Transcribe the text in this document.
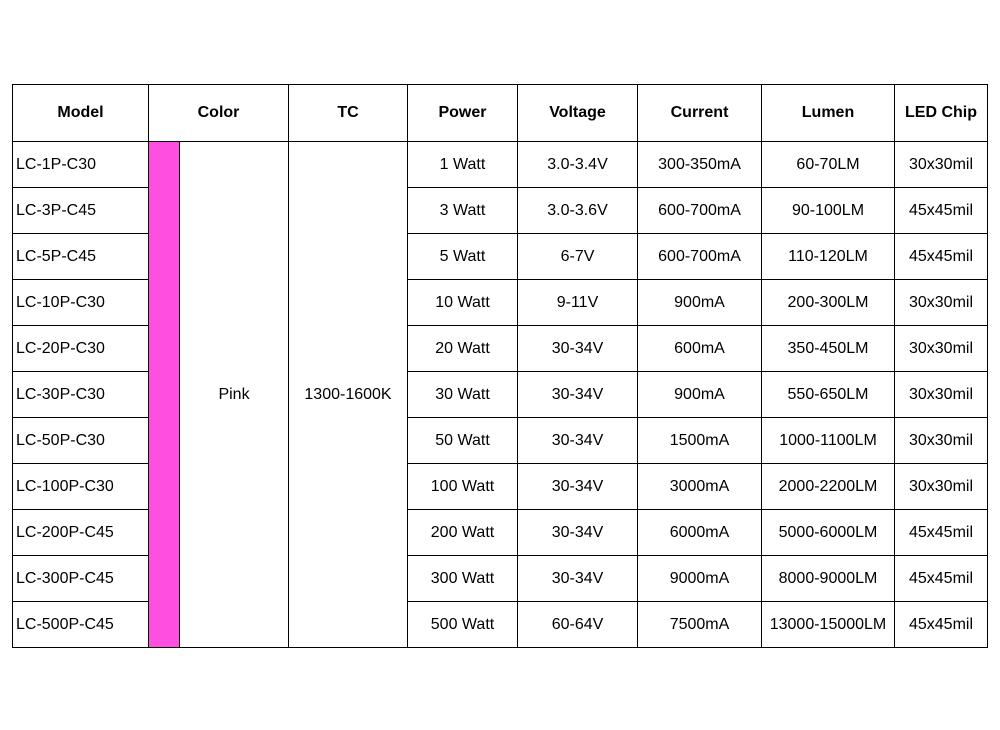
Model	Color		TC	Power	Voltage	Current	Lumen	LED Chip
LC-1P-C30		Pink	1300-1600K	1 Watt	3.0-3.4V	300-350mA	60-70LM	30x30mil
LC-3P-C45				3 Watt	3.0-3.6V	600-700mA	90-100LM	45x45mil
LC-5P-C45				5 Watt	6-7V	600-700mA	110-120LM	45x45mil
LC-10P-C30				10 Watt	9-11V	900mA	200-300LM	30x30mil
LC-20P-C30				20 Watt	30-34V	600mA	350-450LM	30x30mil
LC-30P-C30				30 Watt	30-34V	900mA	550-650LM	30x30mil
LC-50P-C30				50 Watt	30-34V	1500mA	1000-1100LM	30x30mil
LC-100P-C30				100 Watt	30-34V	3000mA	2000-2200LM	30x30mil
LC-200P-C45				200 Watt	30-34V	6000mA	5000-6000LM	45x45mil
LC-300P-C45				300 Watt	30-34V	9000mA	8000-9000LM	45x45mil
LC-500P-C45				500 Watt	60-64V	7500mA	13000-15000LM	45x45mil
